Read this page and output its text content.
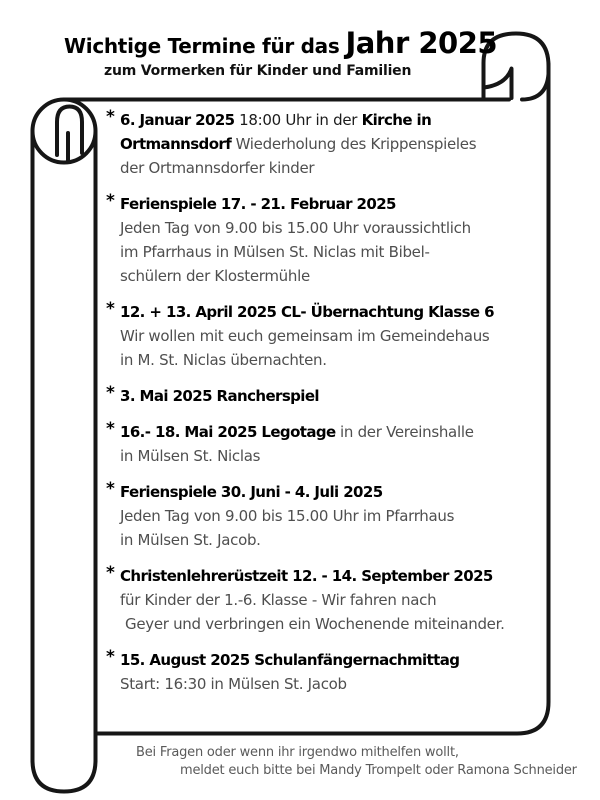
Wichtige Termine für das Jahr 2025
zum Vormerken für Kinder und Familien
* 6. Januar 2025 18:00 Uhr in der Kirche in
Ortmannsdorf Wiederholung des Krippenspieles
der Ortmannsdorfer kinder
* Ferienspiele 17. - 21. Februar 2025
Jeden Tag von 9.00 bis 15.00 Uhr voraussichtlich
im Pfarrhaus in Mülsen St. Niclas mit Bibel-
schülern der Klostermühle
* 12. + 13. April 2025 CL- Übernachtung Klasse 6
Wir wollen mit euch gemeinsam im Gemeindehaus
in M. St. Niclas übernachten.
* 3. Mai 2025 Rancherspiel
* 16.- 18. Mai 2025 Legotage in der Vereinshalle
in Mülsen St. Niclas
* Ferienspiele 30. Juni - 4. Juli 2025
Jeden Tag von 9.00 bis 15.00 Uhr im Pfarrhaus
in Mülsen St. Jacob.
* Christenlehrerüstzeit 12. - 14. September 2025
für Kinder der 1.-6. Klasse - Wir fahren nach
Geyer und verbringen ein Wochenende miteinander.
* 15. August 2025 Schulanfängernachmittag
Start: 16:30 in Mülsen St. Jacob
Bei Fragen oder wenn ihr irgendwo mithelfen wollt,
meldet euch bitte bei Mandy Trompelt oder Ramona Schneider
